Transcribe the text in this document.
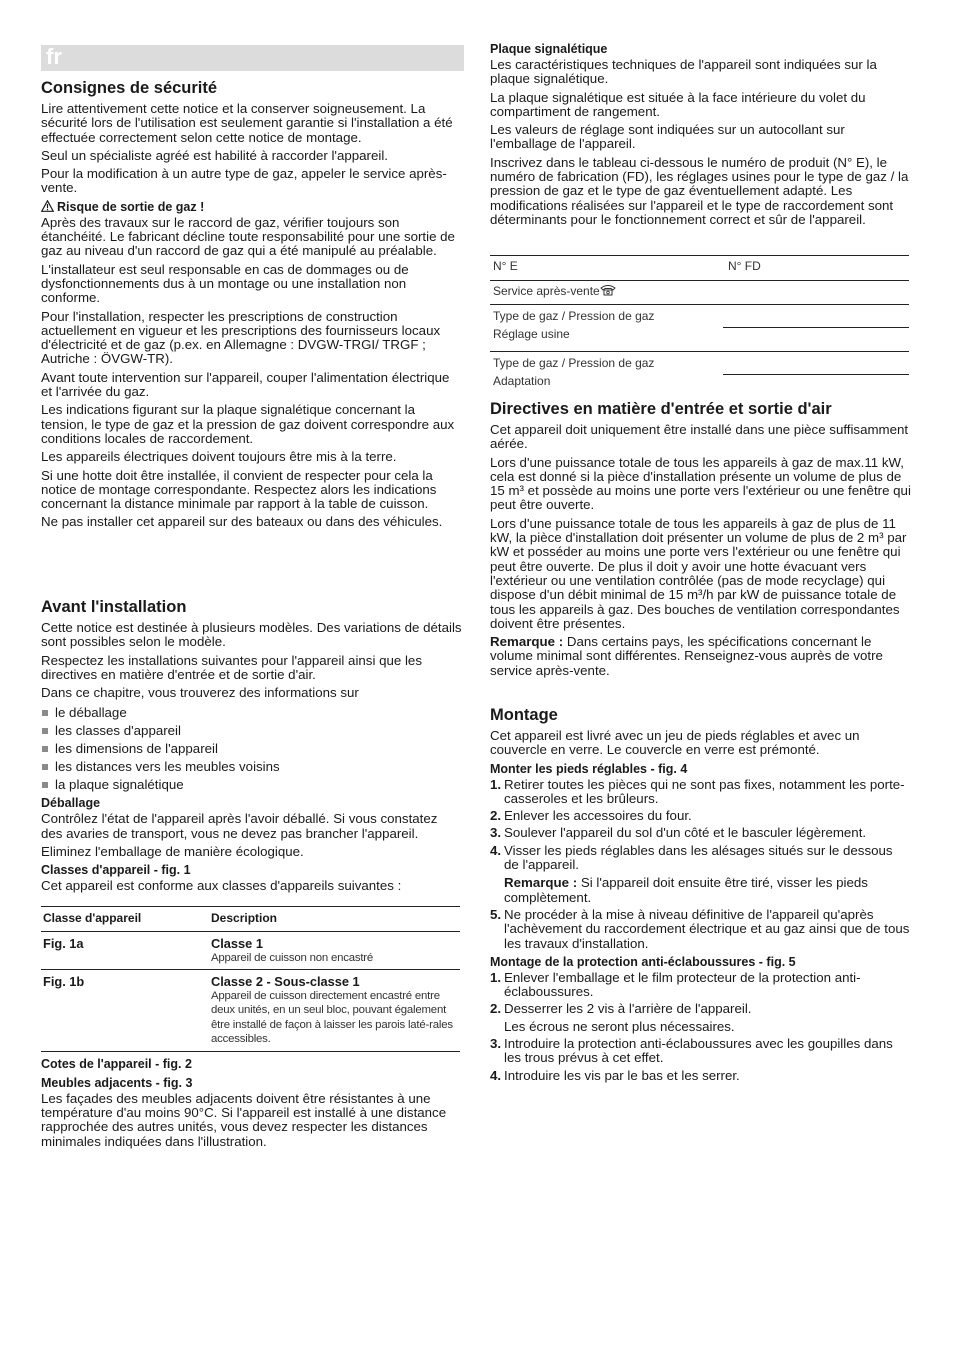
fr
Consignes de sécurité

Lire attentivement cette notice et la conserver soigneusement. La sécurité lors de l'utilisation est seulement garantie si l'installation a été effectuée correctement selon cette notice de montage.

Seul un spécialiste agréé est habilité à raccorder l'appareil.

Pour la modification à un autre type de gaz, appeler le service après-vente.

Risque de sortie de gaz !

Après des travaux sur le raccord de gaz, vérifier toujours son étanchéité. Le fabricant décline toute responsabilité pour une sortie de gaz au niveau d'un raccord de gaz qui a été manipulé au préalable.

L'installateur est seul responsable en cas de dommages ou de dysfonctionnements dus à un montage ou une installation non conforme.

Pour l'installation, respecter les prescriptions de construction actuellement en vigueur et les prescriptions des fournisseurs locaux d'électricité et de gaz (p.ex. en Allemagne : DVGW-TRGI/ TRGF ; Autriche : ÖVGW-TR).

Avant toute intervention sur l'appareil, couper l'alimentation électrique et l'arrivée du gaz.

Les indications figurant sur la plaque signalétique concernant la tension, le type de gaz et la pression de gaz doivent correspondre aux conditions locales de raccordement.

Les appareils électriques doivent toujours être mis à la terre.

Si une hotte doit être installée, il convient de respecter pour cela la notice de montage correspondante. Respectez alors les indications concernant la distance minimale par rapport à la table de cuisson.

Ne pas installer cet appareil sur des bateaux ou dans des véhicules.

Avant l'installation

Cette notice est destinée à plusieurs modèles. Des variations de détails sont possibles selon le modèle.

Respectez les installations suivantes pour l'appareil ainsi que les directives en matière d'entrée et de sortie d'air.

Dans ce chapitre, vous trouverez des informations sur

le déballage
les classes d'appareil
les dimensions de l'appareil
les distances vers les meubles voisins
la plaque signalétique
Déballage

Contrôlez l'état de l'appareil après l'avoir déballé. Si vous constatez des avaries de transport, vous ne devez pas brancher l'appareil.

Eliminez l'emballage de manière écologique.

Classes d'appareil - fig. 1

Cet appareil est conforme aux classes d'appareils suivantes :

Classe d'appareil	Description

Fig. 1a	Classe 1
Appareil de cuisson non encastré

Fig. 1b	Classe 2 - Sous-classe 1
Appareil de cuisson directement encastré entre deux unités, en un seul bloc, pouvant également être installé de façon à laisser les parois laté-rales accessibles.
Cotes de l'appareil - fig. 2
Meubles adjacents - fig. 3

Les façades des meubles adjacents doivent être résistantes à une température d'au moins 90°C. Si l'appareil est installé à une distance rapprochée des autres unités, vous devez respecter les distances minimales indiquées dans l'illustration.

Plaque signalétique

Les caractéristiques techniques de l'appareil sont indiquées sur la plaque signalétique.

La plaque signalétique est située à la face intérieure du volet du compartiment de rangement.

Les valeurs de réglage sont indiquées sur un autocollant sur l'emballage de l'appareil.

Inscrivez dans le tableau ci-dessous le numéro de produit (N° E), le numéro de fabrication (FD), les réglages usines pour le type de gaz / la pression de gaz et le type de gaz éventuellement adapté. Les modifications réalisées sur l'appareil et le type de raccordement sont déterminants pour le fonctionnement correct et sûr de l'appareil.

N° E	N° FD
Service après-vente
Type de gaz / Pression de gaz
Réglage usine
Type de gaz / Pression de gaz
Adaptation
Directives en matière d'entrée et sortie d'air

Cet appareil doit uniquement être installé dans une pièce suffisamment aérée.

Lors d'une puissance totale de tous les appareils à gaz de max.11 kW, cela est donné si la pièce d'installation présente un volume de plus de 15 m³ et possède au moins une porte vers l'extérieur ou une fenêtre qui peut être ouverte.

Lors d'une puissance totale de tous les appareils à gaz de plus de 11 kW, la pièce d'installation doit présenter un volume de plus de 2 m³ par kW et posséder au moins une porte vers l'extérieur ou une fenêtre qui peut être ouverte. De plus il doit y avoir une hotte évacuant vers l'extérieur ou une ventilation contrôlée (pas de mode recyclage) qui dispose d'un débit minimal de 15 m³/h par kW de puissance totale de tous les appareils à gaz. Des bouches de ventilation correspondantes doivent être présentes.

Remarque : Dans certains pays, les spécifications concernant le volume minimal sont différentes. Renseignez-vous auprès de votre service après-vente.

Montage

Cet appareil est livré avec un jeu de pieds réglables et avec un couvercle en verre. Le couvercle en verre est prémonté.

Monter les pieds réglables - fig. 4
1. Retirer toutes les pièces qui ne sont pas fixes, notamment les porte-casseroles et les brûleurs.
2. Enlever les accessoires du four.
3. Soulever l'appareil du sol d'un côté et le basculer légèrement.
4. Visser les pieds réglables dans les alésages situés sur le dessous de l'appareil.
Remarque : Si l'appareil doit ensuite être tiré, visser les pieds complètement.
5. Ne procéder à la mise à niveau définitive de l'appareil qu'après l'achèvement du raccordement électrique et au gaz ainsi que de tous les travaux d'installation.
Montage de la protection anti-éclaboussures - fig. 5
1. Enlever l'emballage et le film protecteur de la protection anti-éclaboussures.
2. Desserrer les 2 vis à l'arrière de l'appareil.
Les écrous ne seront plus nécessaires.
3. Introduire la protection anti-éclaboussures avec les goupilles dans les trous prévus à cet effet.
4. Introduire les vis par le bas et les serrer.
